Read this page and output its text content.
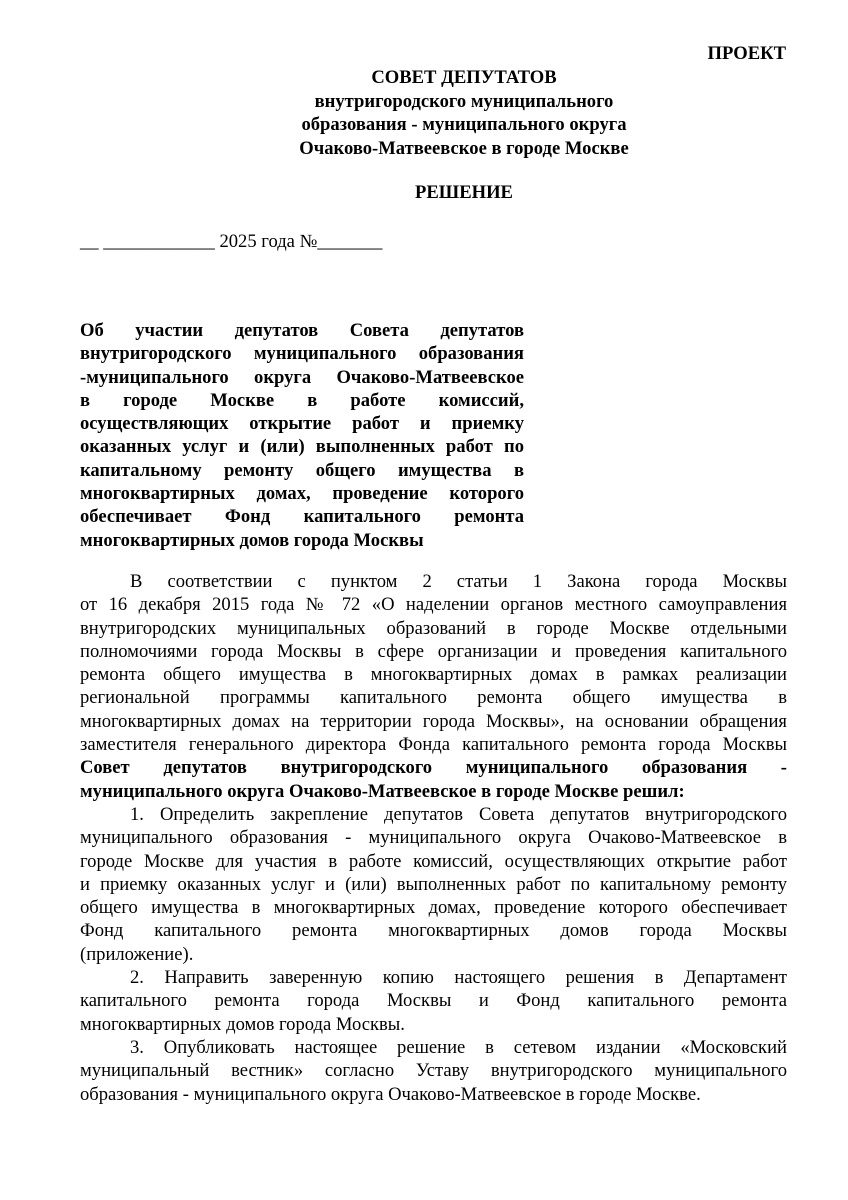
ПРОЕКТ
СОВЕТ ДЕПУТАТОВ
внутригородского муниципального
образования - муниципального округа
Очаково-Матвеевское в городе Москве
РЕШЕНИЕ
__ ____________ 2025 года №_______
Об участии депутатов Совета депутатов
внутригородского муниципального образования
-муниципального округа Очаково-Матвеевское
в городе Москве в работе комиссий,
осуществляющих открытие работ и приемку
оказанных услуг и (или) выполненных работ по
капитальному ремонту общего имущества в
многоквартирных домах, проведение которого
обеспечивает Фонд капитального ремонта
многоквартирных домов города Москвы
В соответствии с пунктом 2 статьи 1 Закона города Москвы
от 16 декабря 2015 года № 72 «О наделении органов местного самоуправления
внутригородских муниципальных образований в городе Москве отдельными
полномочиями города Москвы в сфере организации и проведения капитального
ремонта общего имущества в многоквартирных домах в рамках реализации
региональной программы капитального ремонта общего имущества в
многоквартирных домах на территории города Москвы», на основании обращения
заместителя генерального директора Фонда капитального ремонта города Москвы
Совет депутатов внутригородского муниципального образования -
муниципального округа Очаково-Матвеевское в городе Москве решил:
1. Определить закрепление депутатов Совета депутатов внутригородского
муниципального образования - муниципального округа Очаково-Матвеевское в
городе Москве для участия в работе комиссий, осуществляющих открытие работ
и приемку оказанных услуг и (или) выполненных работ по капитальному ремонту
общего имущества в многоквартирных домах, проведение которого обеспечивает
Фонд капитального ремонта многоквартирных домов города Москвы
(приложение).
2. Направить заверенную копию настоящего решения в Департамент
капитального ремонта города Москвы и Фонд капитального ремонта
многоквартирных домов города Москвы.
3. Опубликовать настоящее решение в сетевом издании «Московский
муниципальный вестник» согласно Уставу внутригородского муниципального
образования - муниципального округа Очаково-Матвеевское в городе Москве.
